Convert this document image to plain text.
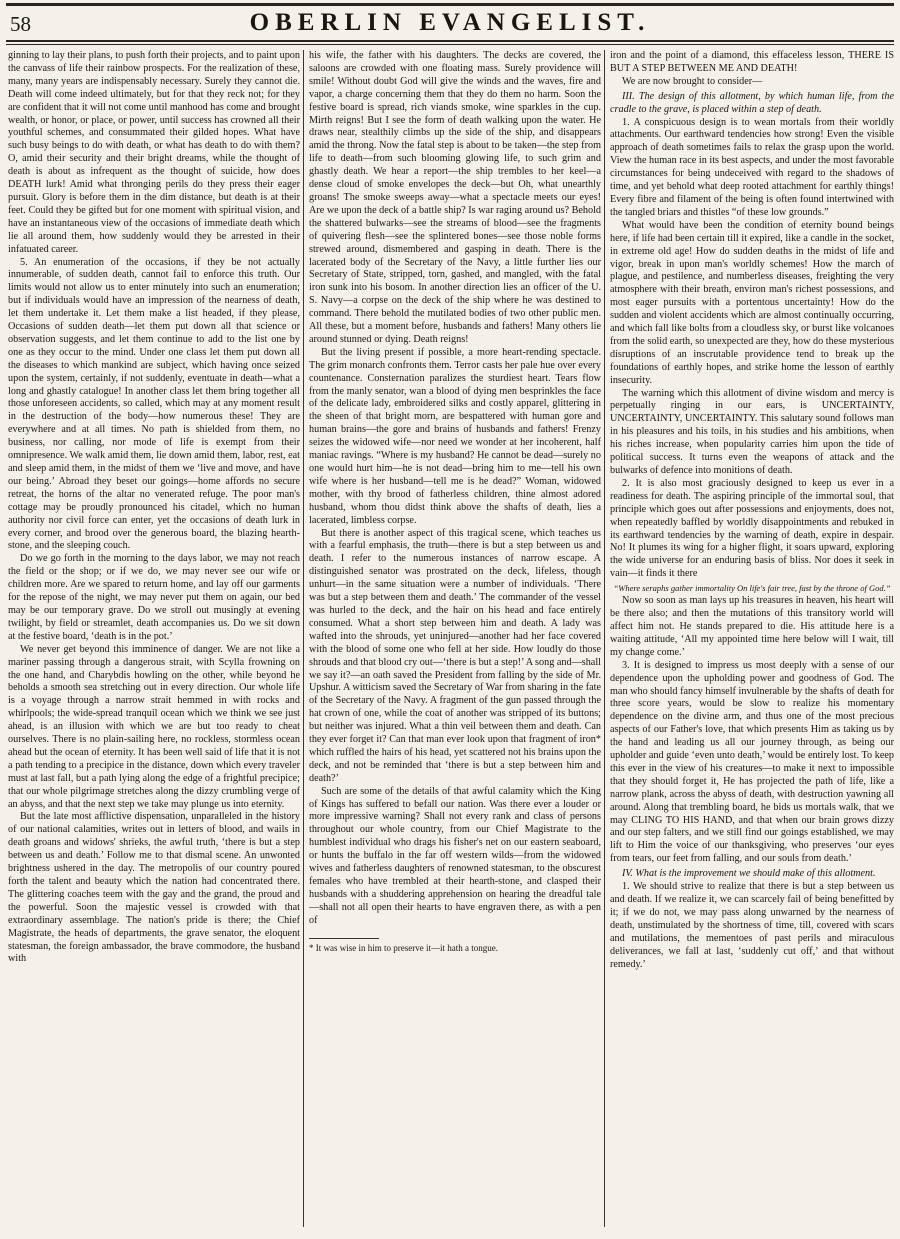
58	OBERLIN EVANGELIST.

ginning to lay their plans, to push forth their projects, and to paint upon the canvass of life their rainbow prospects. For the realization of these, many, many years are indispensably necessary. Surely they cannot die. Death will come indeed ultimately, but for that they reck not; for they are confident that it will not come until manhood has come and brought wealth, or honor, or place, or power, until success has crowned all their youthful schemes, and consummated their gilded hopes. What have such busy beings to do with death, or what has death to do with them? O, amid their security and their bright dreams, while the thought of death is about as infrequent as the thought of suicide, how does DEATH lurk! Amid what thronging perils do they press their eager pursuit. Glory is before them in the dim distance, but death is at their feet. Could they be gifted but for one moment with spiritual vision, and have an instantaneous view of the occasions of immediate death which lie all around them, how suddenly would they be arrested in their infatuated career.

5. An enumeration of the occasions, if they be not actually innumerable, of sudden death, cannot fail to enforce this truth. Our limits would not allow us to enter minutely into such an enumeration; but if individuals would have an impression of the nearness of death, let them undertake it. Let them make a list headed, if they please, Occasions of sudden death—let them put down all that science or observation suggests, and let them continue to add to the list one by one as they occur to the mind. Under one class let them put down all the diseases to which mankind are subject, which having once seized upon the system, certainly, if not suddenly, eventuate in death—what a long and ghastly catalogue! In another class let them bring together all those unforeseen accidents, so called, which may at any moment result in the destruction of the body—how numerous these! They are everywhere and at all times. No path is shielded from them, no business, nor calling, nor mode of life is exempt from their omnipresence. We walk amid them, lie down amid them, labor, rest, eat and sleep amid them, in the midst of them we ‘live and move, and have our being.’ Abroad they beset our goings—home affords no secure retreat, the horns of the altar no venerated refuge. The poor man's cottage may be proudly pronounced his citadel, which no human authority nor civil force can enter, yet the occasions of death lurk in every corner, and brood over the generous board, the blazing hearth-stone, and the sleeping couch.

Do we go forth in the morning to the days labor, we may not reach the field or the shop; or if we do, we may never see our wife or children more. Are we spared to return home, and lay off our garments for the repose of the night, we may never put them on again, our bed may be our temporary grave. Do we stroll out musingly at evening twilight, by field or streamlet, death accompanies us. Do we sit down at the festive board, ‘death is in the pot.’

We never get beyond this imminence of danger. We are not like a mariner passing through a dangerous strait, with Scylla frowning on the one hand, and Charybdis howling on the other, while beyond he beholds a smooth sea stretching out in every direction. Our whole life is a voyage through a narrow strait hemmed in with rocks and whirlpools; the wide-spread tranquil ocean which we think we see just ahead, is an illusion with which we are but too ready to cheat ourselves. There is no plain-sailing here, no rockless, stormless ocean ahead but the ocean of eternity. It has been well said of life that it is not a path tending to a precipice in the distance, down which every traveler must at last fall, but a path lying along the edge of a frightful precipice; that our whole pilgrimage stretches along the dizzy crumbling verge of an abyss, and that the next step we take may plunge us into eternity.

But the late most afflictive dispensation, unparalleled in the history of our national calamities, writes out in letters of blood, and wails in death groans and widows' shrieks, the awful truth, ‘there is but a step between us and death.’ Follow me to that dismal scene. An unwonted brightness ushered in the day. The metropolis of our country poured forth the talent and beauty which the nation had concentrated there. The glittering coaches teem with the gay and the grand, the proud and the powerful. Soon the majestic vessel is crowded with that extraordinary assemblage. The nation's pride is there; the Chief Magistrate, the heads of departments, the grave senator, the eloquent statesman, the foreign ambassador, the brave commodore, the husband with

his wife, the father with his daughters. The decks are covered, the saloons are crowded with one floating mass. Surely providence will smile! Without doubt God will give the winds and the waves, fire and vapor, a charge concerning them that they do them no harm. Soon the festive board is spread, rich viands smoke, wine sparkles in the cup. Mirth reigns! But I see the form of death walking upon the water. He draws near, stealthily climbs up the side of the ship, and disappears amid the throng. Now the fatal step is about to be taken—the step from life to death—from such blooming glowing life, to such grim and ghastly death. We hear a report—the ship trembles to her keel—a dense cloud of smoke envelopes the deck—but Oh, what unearthly groans! The smoke sweeps away—what a spectacle meets our eyes! Are we upon the deck of a battle ship? Is war raging around us? Behold the shattered bulwarks—see the streams of blood—see the fragments of quivering flesh—see the splintered bones—see those noble forms strewed around, dismembered and gasping in death. There is the lacerated body of the Secretary of the Navy, a little further lies our Secretary of State, stripped, torn, gashed, and mangled, with the fatal iron sunk into his bosom. In another direction lies an officer of the U. S. Navy—a corpse on the deck of the ship where he was destined to command. There behold the mutilated bodies of two other public men. All these, but a moment before, husbands and fathers! Many others lie around stunned or dying. Death reigns!

But the living present if possible, a more heart-rending spectacle. The grim monarch confronts them. Terror casts her pale hue over every countenance. Consternation paralizes the sturdiest heart. Tears flow from the manly senator, wan a blood of dying men besprinkles the face of the delicate lady, embroidered silks and costly apparel, glittering in the sheen of that bright morn, are bespattered with human gore and human brains—the gore and brains of husbands and fathers! Frenzy seizes the widowed wife—nor need we wonder at her incoherent, half maniac ravings. “Where is my husband? He cannot be dead—surely no one would hurt him—he is not dead—bring him to me—tell his own wife where is her husband—tell me is he dead?” Woman, widowed mother, with thy brood of fatherless children, thine almost adored husband, whom thou didst think above the shafts of death, lies a lacerated, limbless corpse.

But there is another aspect of this tragical scene, which teaches us with a fearful emphasis, the truth—there is but a step between us and death. I refer to the numerous instances of narrow escape. A distinguished senator was prostrated on the deck, lifeless, though unhurt—in the same situation were a number of individuals. ‘There was but a step between them and death.’ The commander of the vessel was hurled to the deck, and the hair on his head and face entirely consumed. What a short step between him and death. A lady was wafted into the shrouds, yet uninjured—another had her face covered with the blood of some one who fell at her side. How loudly do those shrouds and that blood cry out—‘there is but a step!’ A song and—shall we say it?—an oath saved the President from falling by the side of Mr. Upshur. A witticism saved the Secretary of War from sharing in the fate of the Secretary of the Navy. A fragment of the gun passed through the hat crown of one, while the coat of another was stripped of its buttons; but neither was injured. What a thin veil between them and death. Can they ever forget it? Can that man ever look upon that fragment of iron* which ruffled the hairs of his head, yet scattered not his brains upon the deck, and not be reminded that ‘there is but a step between him and death?’

Such are some of the details of that awful calamity which the King of Kings has suffered to befall our nation. Was there ever a louder or more impressive warning? Shall not every rank and class of persons throughout our whole country, from our Chief Magistrate to the humblest individual who drags his fisher's net on our eastern seaboard, or hunts the buffalo in the far off western wilds—from the widowed wives and fatherless daughters of renowned statesman, to the obscurest females who have trembled at their hearth-stone, and clasped their husbands with a shuddering apprehension on hearing the dreadful tale—shall not all open their hearts to have engraven there, as with a pen of

* It was wise in him to preserve it—it hath a tongue.

iron and the point of a diamond, this effaceless lesson, THERE IS BUT A STEP BETWEEN ME AND DEATH!

We are now brought to consider—

III. The design of this allotment, by which human life, from the cradle to the grave, is placed within a step of death.

1. A conspicuous design is to wean mortals from their worldly attachments. Our earthward tendencies how strong! Even the visible approach of death sometimes fails to relax the grasp upon the world. View the human race in its best aspects, and under the most favorable circumstances for being undeceived with regard to the shadows of time, and yet behold what deep rooted attachment for earthly things! Every fibre and filament of the being is often found intertwined with the tangled briars and thistles “of these low grounds.”

What would have been the condition of eternity bound beings here, if life had been certain till it expired, like a candle in the socket, in extreme old age! How do sudden deaths in the midst of life and vigor, break in upon man's worldly schemes! How the march of plague, and pestilence, and numberless diseases, freighting the very atmosphere with their breath, environ man's richest possessions, and most eager pursuits with a portentous uncertainty! How do the sudden and violent accidents which are almost continually occurring, and which fall like bolts from a cloudless sky, or burst like volcanoes from the solid earth, so unexpected are they, how do these mysterious disruptions of an inscrutable providence tend to break up the foundations of earthly hopes, and strike home the lesson of earthly insecurity.

The warning which this allotment of divine wisdom and mercy is perpetually ringing in our ears, is UNCERTAINTY, UNCERTAINTY, UNCERTAINTY. This salutary sound follows man in his pleasures and his toils, in his studies and his ambitions, when his riches increase, when popularity carries him upon the tide of political success. It turns even the weapons of attack and the bulwarks of defence into monitions of death.

2. It is also most graciously designed to keep us ever in a readiness for death. The aspiring principle of the immortal soul, that principle which goes out after possessions and enjoyments, does not, when repeatedly baffled by worldly disappointments and rebuked in its earthward tendencies by the warning of death, expire in despair. No! It plumes its wing for a higher flight, it soars upward, exploring the wide universe for an enduring basis of bliss. Nor does it seek in vain—it finds it there

“Where seraphs gather immortality On life's fair tree, fast by the throne of God.”

Now so soon as man lays up his treasures in heaven, his heart will be there also; and then the mutations of this transitory world will affect him not. He stands prepared to die. His attitude here is a waiting attitude, ‘All my appointed time here below will I wait, till my change come.’

3. It is designed to impress us most deeply with a sense of our dependence upon the upholding power and goodness of God. The man who should fancy himself invulnerable by the shafts of death for three score years, would be slow to realize his momentary dependence on the divine arm, and thus one of the most precious aspects of our Father's love, that which presents Him as taking us by the hand and leading us all our journey through, as being our upholder and guide ‘even unto death,’ would be entirely lost. To keep this ever in the view of his creatures—to make it next to impossible that they should forget it, He has projected the path of life, like a narrow plank, across the abyss of death, with destruction yawning all around. Along that trembling board, he bids us mortals walk, that we may CLING TO HIS HAND, and that when our brain grows dizzy and our step falters, and we still find our goings established, we may lift to Him the voice of our thanksgiving, who preserves ‘our eyes from tears, our feet from falling, and our souls from death.’

IV. What is the improvement we should make of this allotment.

1. We should strive to realize that there is but a step between us and death. If we realize it, we can scarcely fail of being benefitted by it; if we do not, we may pass along unwarned by the nearness of death, unstimulated by the shortness of time, till, covered with scars and mutilations, the mementoes of past perils and miraculous deliverances, we fall at last, ‘suddenly cut off,’ and that without remedy.’
